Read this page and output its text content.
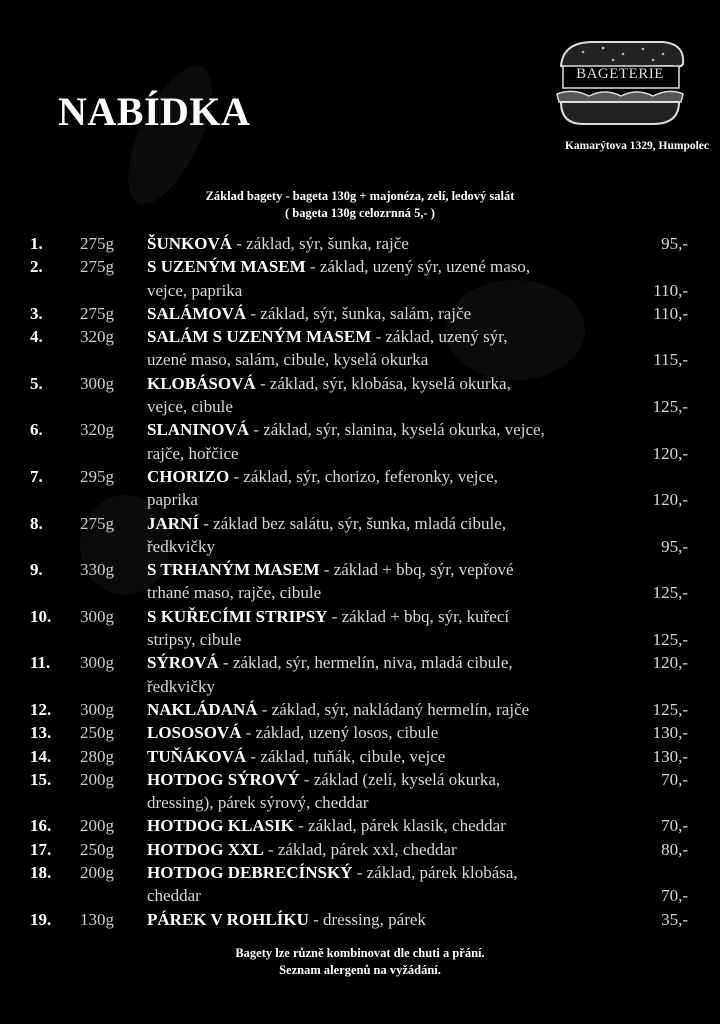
NABÍDKA
BAGETERIE
Kamarýtova 1329, Humpolec
Základ bagety - bageta 130g + majonéza, zelí, ledový salát
( bageta 130g celozrnná 5,- )
1. 275g ŠUNKOVÁ - základ, sýr, šunka, rajče	95,-
2. 275g S UZENÝM MASEM - základ, uzený sýr, uzené maso,
vejce, paprika	110,-
3. 275g SALÁMOVÁ - základ, sýr, šunka, salám, rajče	110,-
4. 320g SALÁM S UZENÝM MASEM - základ, uzený sýr,
uzené maso, salám, cibule, kyselá okurka	115,-
5. 300g KLOBÁSOVÁ - základ, sýr, klobása, kyselá okurka,
vejce, cibule	125,-
6. 320g SLANINOVÁ - základ, sýr, slanina, kyselá okurka, vejce,
rajče, hořčice	120,-
7. 295g CHORIZO - základ, sýr, chorizo, feferonky, vejce,
paprika	120,-
8. 275g JARNÍ - základ bez salátu, sýr, šunka, mladá cibule,
ředkvičky	95,-
9. 330g S TRHANÝM MASEM - základ + bbq, sýr, vepřové
trhané maso, rajče, cibule	125,-
10. 300g S KUŘECÍMI STRIPSY - základ + bbq, sýr, kuřecí
stripsy, cibule	125,-
11. 300g SÝROVÁ - základ, sýr, hermelín, niva, mladá cibule,	120,-
ředkvičky
12. 300g NAKLÁDANÁ - základ, sýr, nakládaný hermelín, rajče	125,-
13. 250g LOSOSOVÁ - základ, uzený losos, cibule	130,-
14. 280g TUŇÁKOVÁ - základ, tuňák, cibule, vejce	130,-
15. 200g HOTDOG SÝROVÝ - základ (zelí, kyselá okurka,	70,-
dressing), párek sýrový, cheddar
16. 200g HOTDOG KLASIK - základ, párek klasik, cheddar	70,-
17. 250g HOTDOG XXL - základ, párek xxl, cheddar	80,-
18. 200g HOTDOG DEBRECÍNSKÝ - základ, párek klobása,
cheddar	70,-
19. 130g PÁREK V ROHLÍKU - dressing, párek	35,-
Bagety lze různě kombinovat dle chuti a přání.
Seznam alergenů na vyžádání.
